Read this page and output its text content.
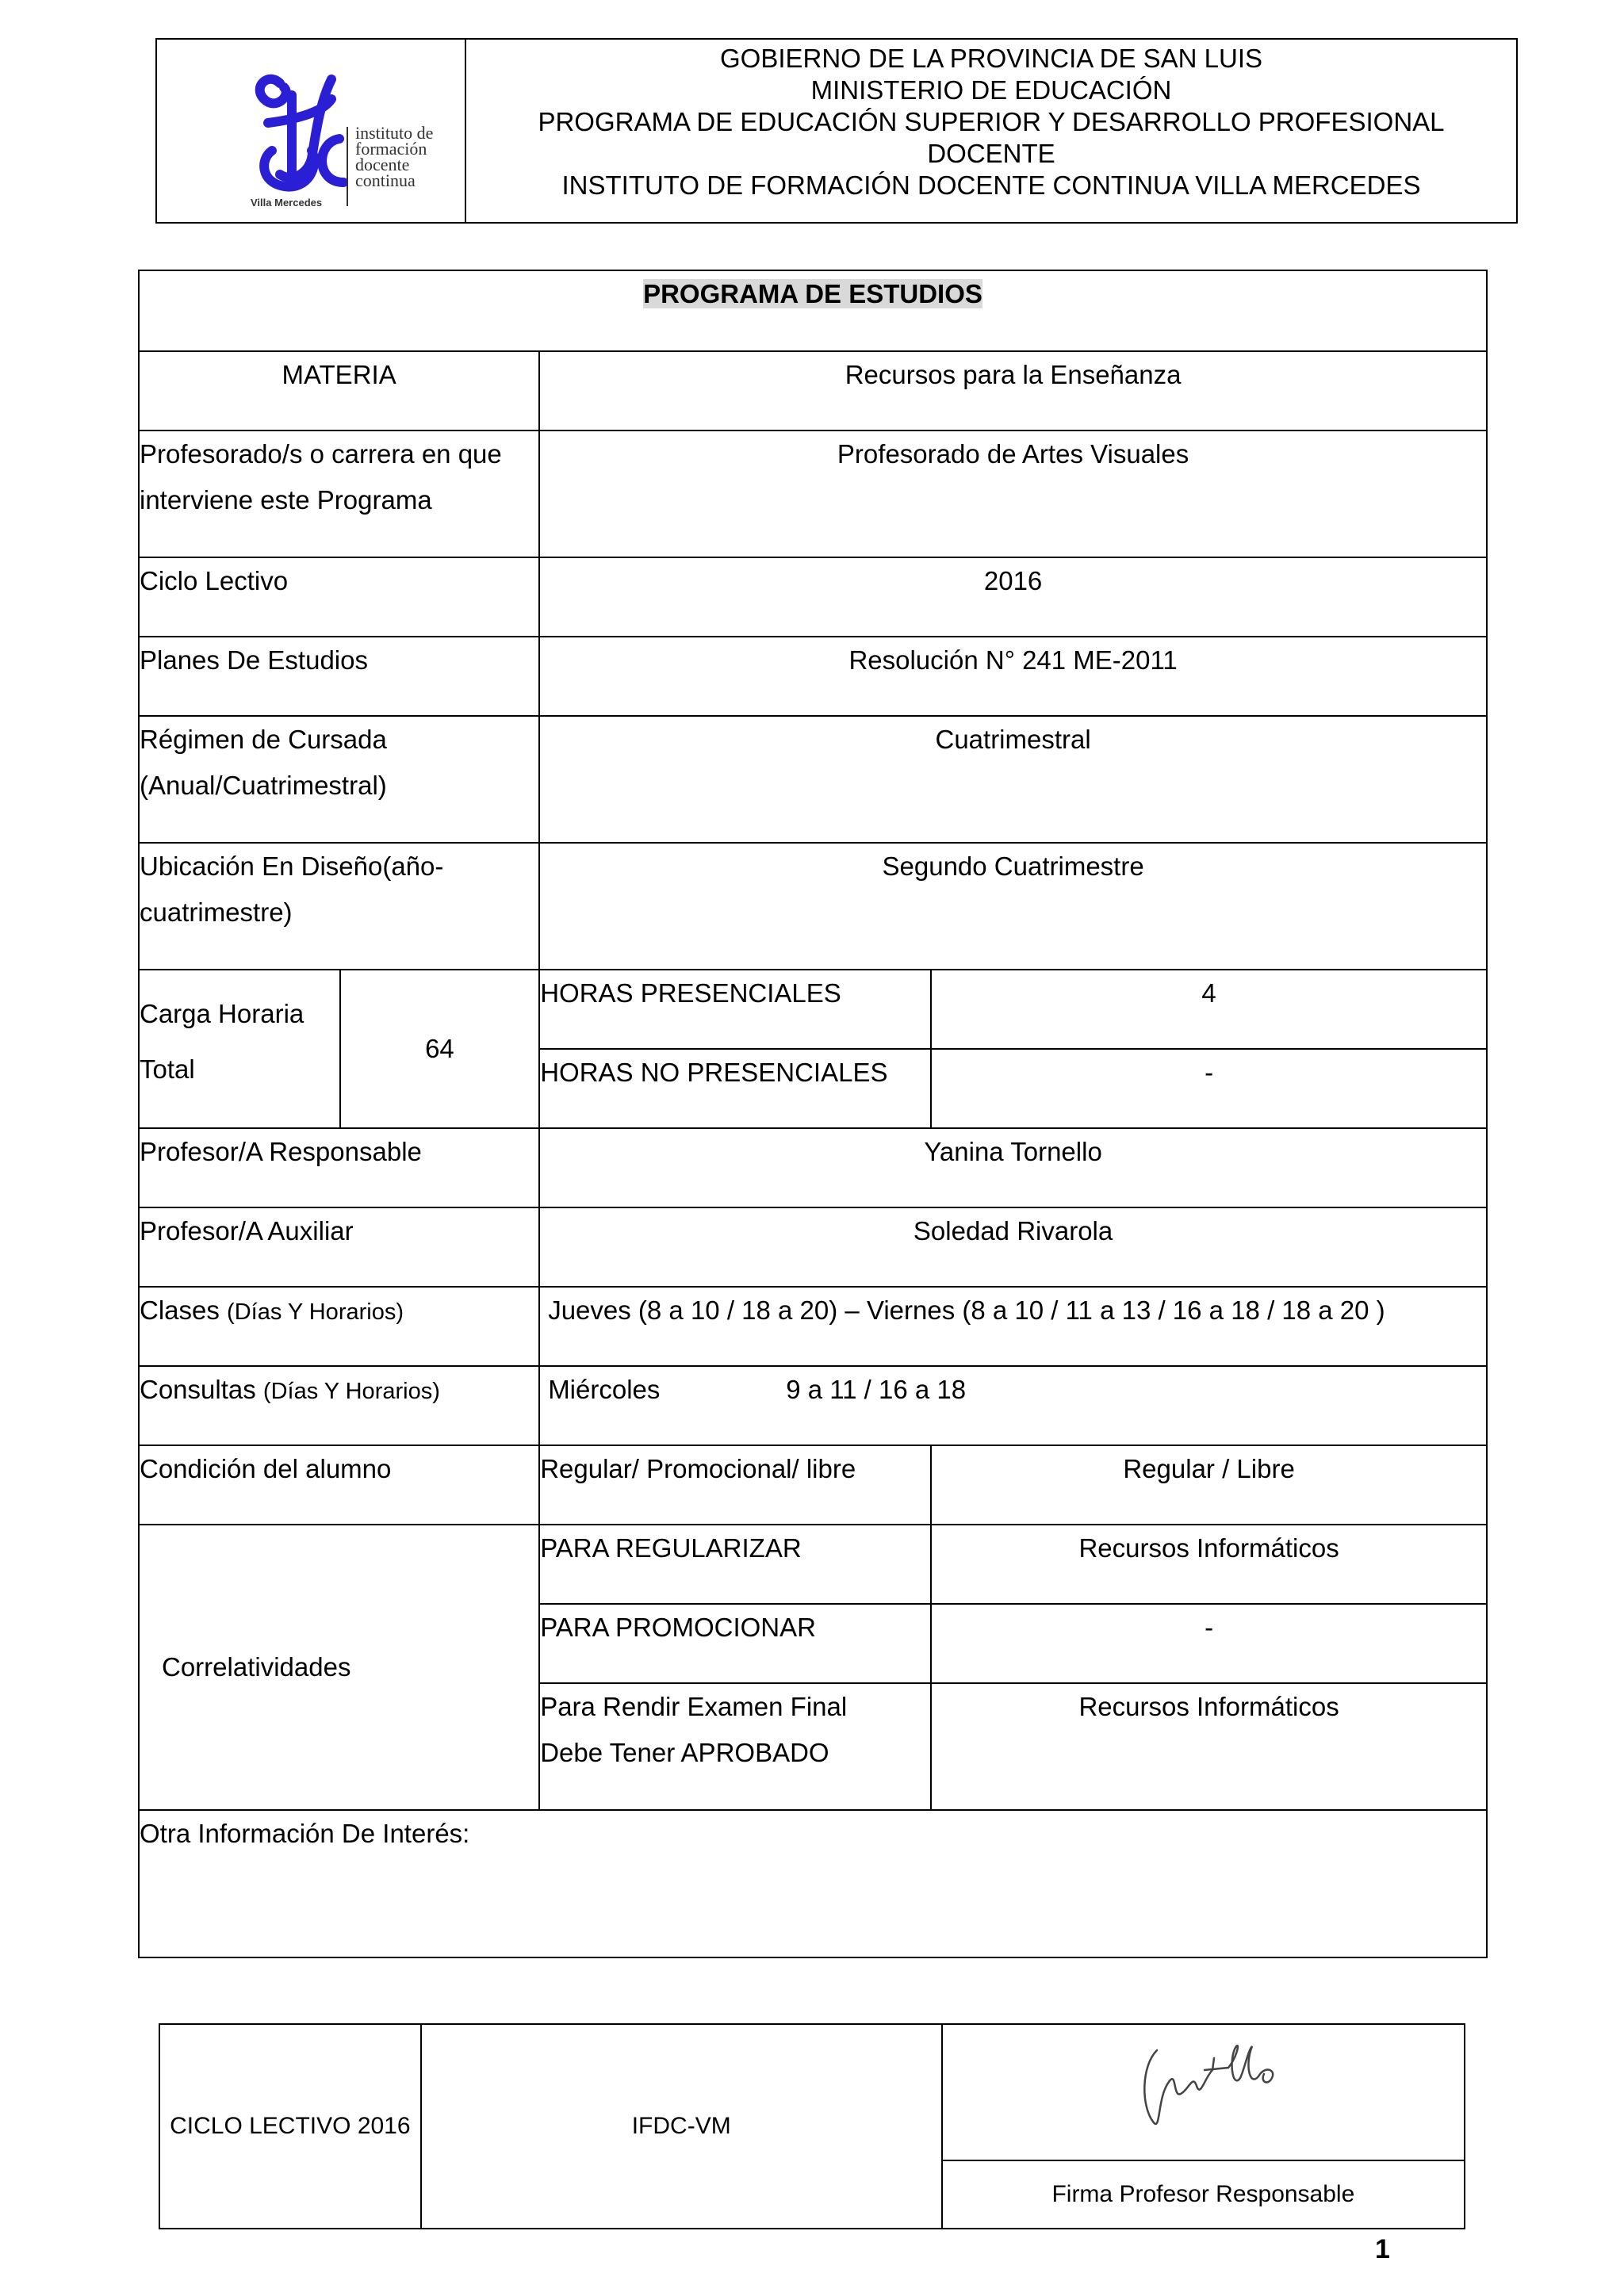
instituto de
formación
docente
continua
Villa Mercedes
GOBIERNO DE LA PROVINCIA DE SAN LUIS
MINISTERIO DE EDUCACIÓN
PROGRAMA DE EDUCACIÓN SUPERIOR Y DESARROLLO PROFESIONAL
DOCENTE
INSTITUTO DE FORMACIÓN DOCENTE CONTINUA VILLA MERCEDES
PROGRAMA DE ESTUDIOS			
MATERIA		Recursos para la Enseñanza	

Profesorado/s o carrera en que
interviene este Programa		Profesorado de Artes Visuales	
Ciclo Lectivo		2016	
Planes De Estudios		Resolución N° 241 ME-2011	

Régimen de Cursada
(Anual/Cuatrimestral)		Cuatrimestral	

Ubicación En Diseño(año-
cuatrimestre)		Segundo Cuatrimestre	

Carga Horaria
Total	64	HORAS PRESENCIALES	4
		HORAS NO PRESENCIALES	-
Profesor/A Responsable		Yanina Tornello	
Profesor/A Auxiliar		Soledad Rivarola	
Clases (Días Y Horarios)		Jueves (8 a 10 / 18 a 20) – Viernes (8 a 10 / 11 a 13 / 16 a 18 / 18 a 20 )	
Consultas (Días Y Horarios)		Miércoles 9 a 11 / 16 a 18	
Condición del alumno		Regular/ Promocional/ libre	Regular / Libre
Correlatividades		PARA REGULARIZAR	Recursos Informáticos
		PARA PROMOCIONAR	-

		Para Rendir Examen Final
Debe Tener APROBADO	Recursos Informáticos
Otra Información De Interés:			
CICLO LECTIVO 2016	IFDC-VM	

Firma Profesor Responsable
1
